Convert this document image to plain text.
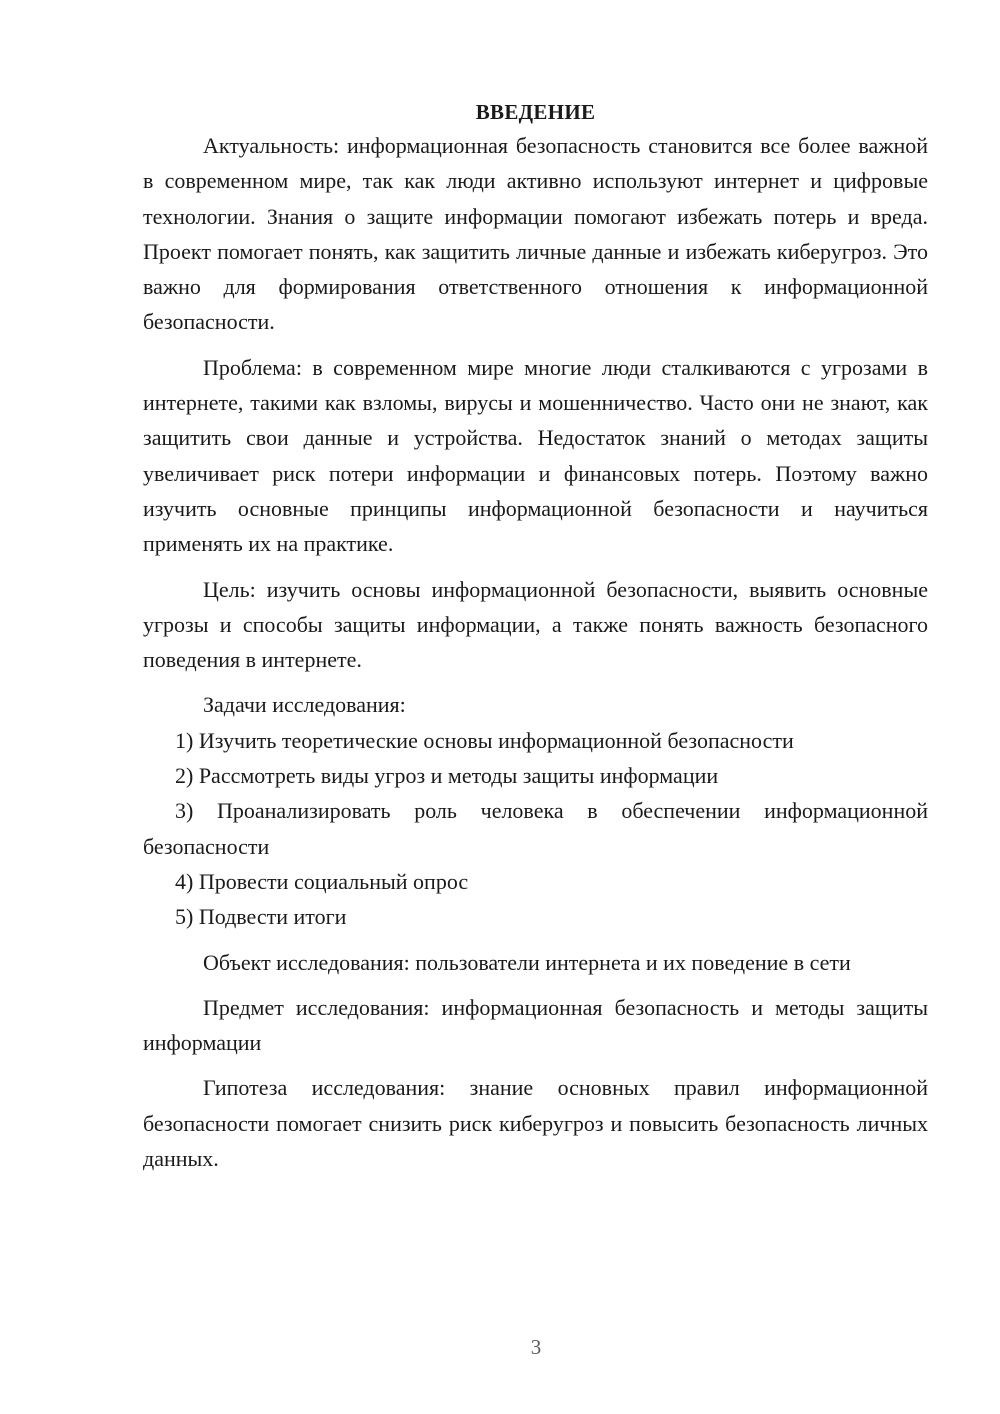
ВВЕДЕНИЕ

Актуальность: информационная безопасность становится все более важной в современном мире, так как люди активно используют интернет и цифровые технологии. Знания о защите информации помогают избежать потерь и вреда. Проект помогает понять, как защитить личные данные и избежать киберугроз. Это важно для формирования ответственного отношения к информационной безопасности.

Проблема: в современном мире многие люди сталкиваются с угрозами в интернете, такими как взломы, вирусы и мошенничество. Часто они не знают, как защитить свои данные и устройства. Недостаток знаний о методах защиты увеличивает риск потери информации и финансовых потерь. Поэтому важно изучить основные принципы информационной безопасности и научиться применять их на практике.

Цель: изучить основы информационной безопасности, выявить основные угрозы и способы защиты информации, а также понять важность безопасного поведения в интернете.

Задачи исследования:

1) Изучить теоретические основы информационной безопасности

2) Рассмотреть виды угроз и методы защиты информации

3) Проанализировать роль человека в обеспечении информационной безопасности

4) Провести социальный опрос

5) Подвести итоги

Объект исследования: пользователи интернета и их поведение в сети

Предмет исследования: информационная безопасность и методы защиты информации

Гипотеза исследования: знание основных правил информационной безопасности помогает снизить риск киберугроз и повысить безопасность личных данных.

3
